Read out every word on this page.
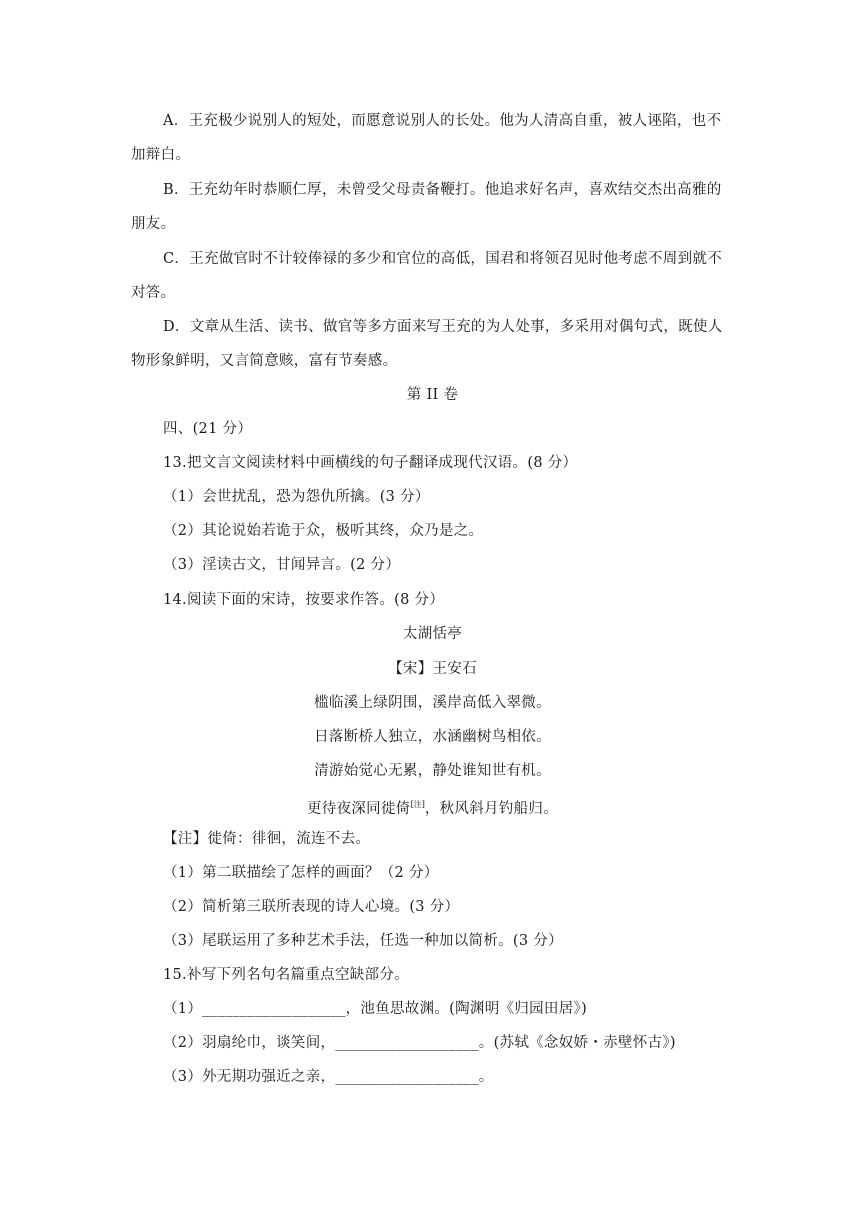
A．王充极少说别人的短处，而愿意说别人的长处。他为人清高自重，被人诬陷，也不
加辩白。
B．王充幼年时恭顺仁厚，未曾受父母责备鞭打。他追求好名声，喜欢结交杰出高雅的
朋友。
C．王充做官时不计较俸禄的多少和官位的高低，国君和将领召见时他考虑不周到就不
对答。
D．文章从生活、读书、做官等多方面来写王充的为人处事，多采用对偶句式，既使人
物形象鲜明，又言简意赅，富有节奏感。
第 II 卷
四、(21 分）
13.把文言文阅读材料中画横线的句子翻译成现代汉语。(8 分）
（1）会世扰乱，恐为怨仇所擒。(3 分）
（2）其论说始若诡于众，极听其终，众乃是之。
（3）淫读古文，甘闻异言。(2 分）
14.阅读下面的宋诗，按要求作答。(8 分）
太湖恬亭
【宋】王安石
槛临溪上绿阴围，溪岸高低入翠微。
日落断桥人独立，水涵幽树鸟相依。
清游始觉心无累，静处谁知世有机。
更待夜深同徙倚[注]，秋风斜月钓船归。
【注】徙倚：徘徊，流连不去。
（1）第二联描绘了怎样的画面？（2 分）
（2）简析第三联所表现的诗人心境。(3 分）
（3）尾联运用了多种艺术手法，任选一种加以简析。(3 分）
15.补写下列名句名篇重点空缺部分。
（1）___________________，池鱼思故渊。(陶渊明《归园田居》)
（2）羽扇纶巾，谈笑间，___________________。(苏轼《念奴娇・赤壁怀古》)
（3）外无期功强近之亲，___________________。
